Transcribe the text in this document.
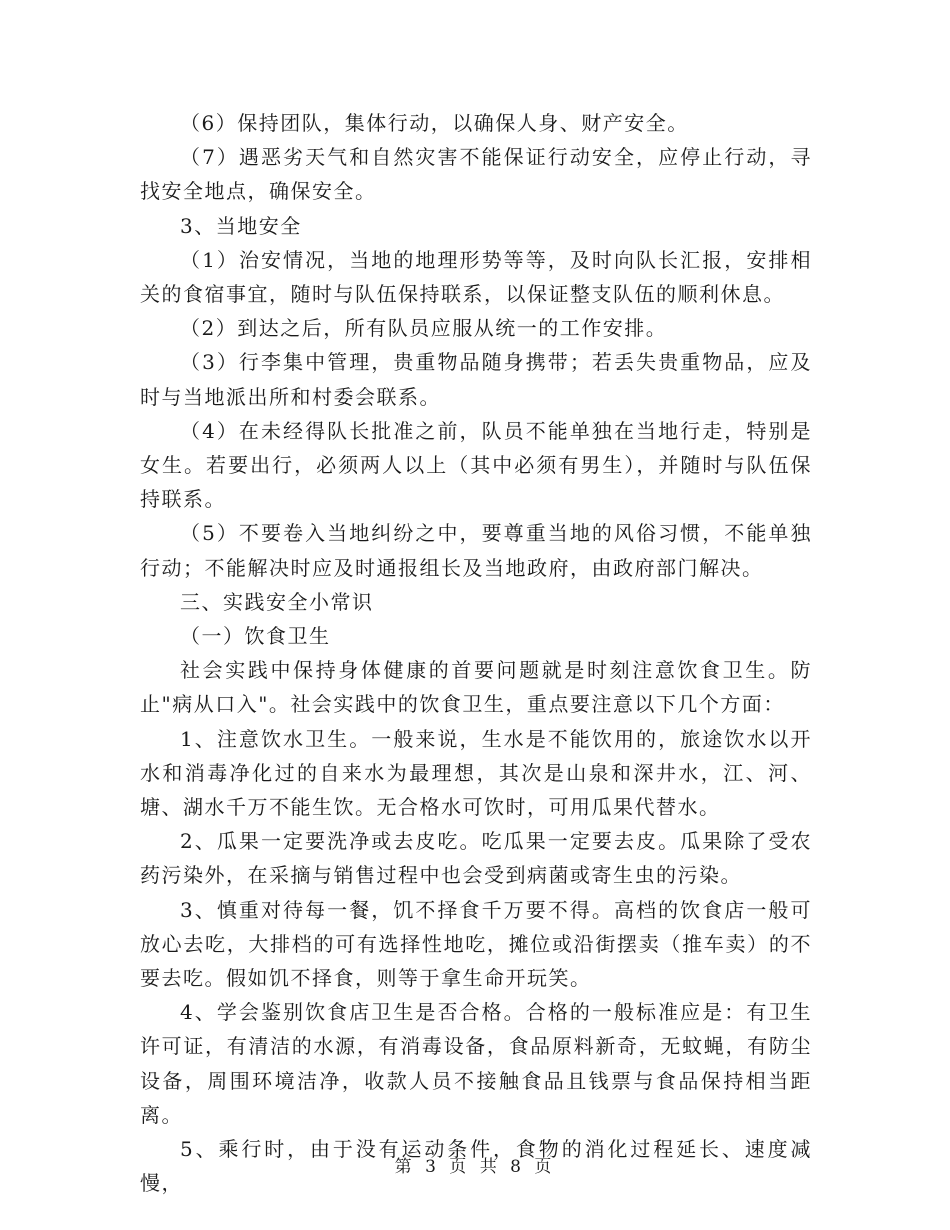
（6）保持团队，集体行动，以确保人身、财产安全。

（7）遇恶劣天气和自然灾害不能保证行动安全，应停止行动，寻找安全地点，确保安全。

3、当地安全

（1）治安情况，当地的地理形势等等，及时向队长汇报，安排相关的食宿事宜，随时与队伍保持联系，以保证整支队伍的顺利休息。

（2）到达之后，所有队员应服从统一的工作安排。

（3）行李集中管理，贵重物品随身携带；若丢失贵重物品，应及时与当地派出所和村委会联系。

（4）在未经得队长批准之前，队员不能单独在当地行走，特别是女生。若要出行，必须两人以上（其中必须有男生），并随时与队伍保持联系。

（5）不要卷入当地纠纷之中，要尊重当地的风俗习惯，不能单独行动；不能解决时应及时通报组长及当地政府，由政府部门解决。

三、实践安全小常识

（一）饮食卫生

社会实践中保持身体健康的首要问题就是时刻注意饮食卫生。防止"病从口入"。社会实践中的饮食卫生，重点要注意以下几个方面：

1、注意饮水卫生。一般来说，生水是不能饮用的，旅途饮水以开水和消毒净化过的自来水为最理想，其次是山泉和深井水，江、河、塘、湖水千万不能生饮。无合格水可饮时，可用瓜果代替水。

2、瓜果一定要洗净或去皮吃。吃瓜果一定要去皮。瓜果除了受农药污染外，在采摘与销售过程中也会受到病菌或寄生虫的污染。

3、慎重对待每一餐，饥不择食千万要不得。高档的饮食店一般可放心去吃，大排档的可有选择性地吃，摊位或沿街摆卖（推车卖）的不要去吃。假如饥不择食，则等于拿生命开玩笑。

4、学会鉴别饮食店卫生是否合格。合格的一般标准应是：有卫生许可证，有清洁的水源，有消毒设备，食品原料新奇，无蚊蝇，有防尘设备，周围环境洁净，收款人员不接触食品且钱票与食品保持相当距离。

5、乘行时，由于没有运动条件，食物的消化过程延长、速度减慢，

第 3 页 共 8 页
